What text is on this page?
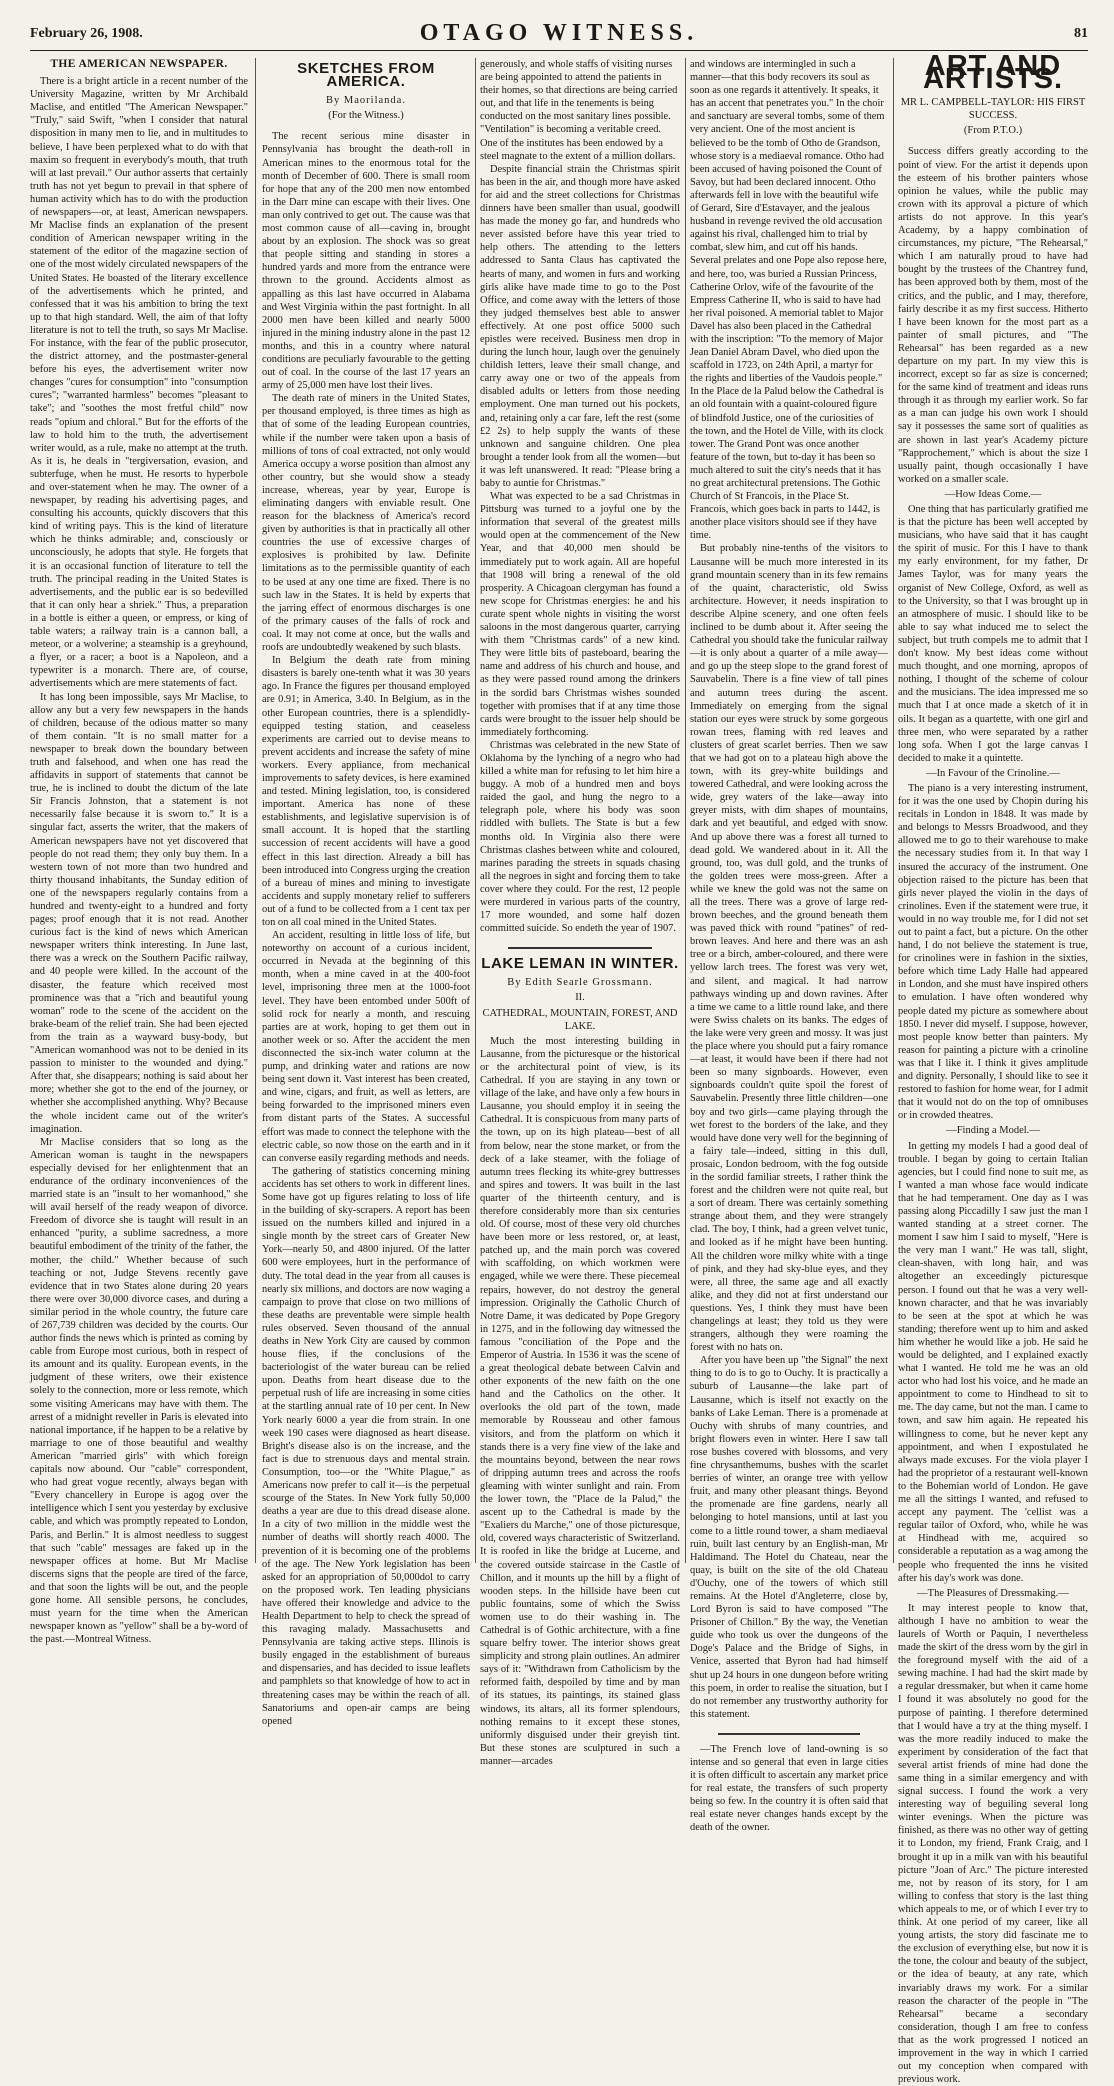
February 26, 1908.	OTAGO WITNESS.	81
THE AMERICAN NEWSPAPER.

There is a bright article in a recent number of the University Magazine, written by Mr Archibald Maclise, and entitled "The American Newspaper." "Truly," said Swift, "when I consider that natural disposition in many men to lie, and in multitudes to believe, I have been perplexed what to do with that maxim so frequent in everybody's mouth, that truth will at last prevail." Our author asserts that certainly truth has not yet begun to prevail in that sphere of human activity which has to do with the production of newspapers—or, at least, American newspapers. Mr Maclise finds an explanation of the present condition of American newspaper writing in the statement of the editor of the magazine section of one of the most widely circulated newspapers of the United States. He boasted of the literary excellence of the advertisements which he printed, and confessed that it was his ambition to bring the text up to that high standard. Well, the aim of that lofty literature is not to tell the truth, so says Mr Maclise. For instance, with the fear of the public prosecutor, the district attorney, and the postmaster-general before his eyes, the advertisement writer now changes "cures for consumption" into "consumption cures"; "warranted harmless" becomes "pleasant to take"; and "soothes the most fretful child" now reads "opium and chloral." But for the efforts of the law to hold him to the truth, the advertisement writer would, as a rule, make no attempt at the truth. As it is, he deals in "tergiversation, evasion, and subterfuge, when he must. He resorts to hyperbole and over-statement when he may. The owner of a newspaper, by reading his advertising pages, and consulting his accounts, quickly discovers that this kind of writing pays. This is the kind of literature which he thinks admirable; and, consciously or unconsciously, he adopts that style. He forgets that it is an occasional function of literature to tell the truth. The principal reading in the United States is advertisements, and the public ear is so bedevilled that it can only hear a shriek." Thus, a preparation in a bottle is either a queen, or empress, or king of table waters; a railway train is a cannon ball, a meteor, or a wolverine; a steamship is a greyhound, a flyer, or a racer; a boot is a Napoleon, and a typewriter is a monarch. There are, of course, advertisements which are mere statements of fact.

It has long been impossible, says Mr Maclise, to allow any but a very few newspapers in the hands of children, because of the odious matter so many of them contain. "It is no small matter for a newspaper to break down the boundary between truth and falsehood, and when one has read the affidavits in support of statements that cannot be true, he is inclined to doubt the dictum of the late Sir Francis Johnston, that a statement is not necessarily false because it is sworn to." It is a singular fact, asserts the writer, that the makers of American newspapers have not yet discovered that people do not read them; they only buy them. In a western town of not more than two hundred and thirty thousand inhabitants, the Sunday edition of one of the newspapers regularly contains from a hundred and twenty-eight to a hundred and forty pages; proof enough that it is not read. Another curious fact is the kind of news which American newspaper writers think interesting. In June last, there was a wreck on the Southern Pacific railway, and 40 people were killed. In the account of the disaster, the feature which received most prominence was that a "rich and beautiful young woman" rode to the scene of the accident on the brake-beam of the relief train. She had been ejected from the train as a wayward busy-body, but "American womanhood was not to be denied in its passion to minister to the wounded and dying." After that, she disappears; nothing is said about her more; whether she got to the end of the journey, or whether she accomplished anything. Why? Because the whole incident came out of the writer's imagination.

Mr Maclise considers that so long as the American woman is taught in the newspapers especially devised for her enlightenment that an endurance of the ordinary inconveniences of the married state is an "insult to her womanhood," she will avail herself of the ready weapon of divorce. Freedom of divorce she is taught will result in an enhanced "purity, a sublime sacredness, a more beautiful embodiment of the trinity of the father, the mother, the child." Whether because of such teaching or not, Judge Stevens recently gave evidence that in two States alone during 20 years there were over 30,000 divorce cases, and during a similar period in the whole country, the future care of 267,739 children was decided by the courts. Our author finds the news which is printed as coming by cable from Europe most curious, both in respect of its amount and its quality. European events, in the judgment of these writers, owe their existence solely to the connection, more or less remote, which some visiting Americans may have with them. The arrest of a midnight reveller in Paris is elevated into national importance, if he happen to be a relative by marriage to one of those beautiful and wealthy American "married girls" with which foreign capitals now abound. Our "cable" correspondent, who had great vogue recently, always began with "Every chancellery in Europe is agog over the intelligence which I sent you yesterday by exclusive cable, and which was promptly repeated to London, Paris, and Berlin." It is almost needless to suggest that such "cable" messages are faked up in the newspaper offices at home. But Mr Maclise discerns signs that the people are tired of the farce, and that soon the lights will be out, and the people gone home. All sensible persons, he concludes, must yearn for the time when the American newspaper known as "yellow" shall be a by-word of the past.—Montreal Witness.

SKETCHES FROM AMERICA.
By Maorilanda.
(For the Witness.)

The recent serious mine disaster in Pennsylvania has brought the death-roll in American mines to the enormous total for the month of December of 600. There is small room for hope that any of the 200 men now entombed in the Darr mine can escape with their lives. One man only contrived to get out. The cause was that most common cause of all—caving in, brought about by an explosion. The shock was so great that people sitting and standing in stores a hundred yards and more from the entrance were thrown to the ground. Accidents almost as appalling as this last have occurred in Alabama and West Virginia within the past fortnight. In all 2000 men have been killed and nearly 5000 injured in the mining industry alone in the past 12 months, and this in a country where natural conditions are peculiarly favourable to the getting out of coal. In the course of the last 17 years an army of 25,000 men have lost their lives.

The death rate of miners in the United States, per thousand employed, is three times as high as that of some of the leading European countries, while if the number were taken upon a basis of millions of tons of coal extracted, not only would America occupy a worse position than almost any other country, but she would show a steady increase, whereas, year by year, Europe is eliminating dangers with enviable result. One reason for the blackness of America's record given by authorities is that in practically all other countries the use of excessive charges of explosives is prohibited by law. Definite limitations as to the permissible quantity of each to be used at any one time are fixed. There is no such law in the States. It is held by experts that the jarring effect of enormous discharges is one of the primary causes of the falls of rock and coal. It may not come at once, but the walls and roofs are undoubtedly weakened by such blasts.

In Belgium the death rate from mining disasters is barely one-tenth what it was 30 years ago. In France the figures per thousand employed are 0.91; in America, 3.40. In Belgium, as in the other European countries, there is a splendidly-equipped testing station, and ceaseless experiments are carried out to devise means to prevent accidents and increase the safety of mine workers. Every appliance, from mechanical improvements to safety devices, is here examined and tested. Mining legislation, too, is considered important. America has none of these establishments, and legislative supervision is of small account. It is hoped that the startling succession of recent accidents will have a good effect in this last direction. Already a bill has been introduced into Congress urging the creation of a bureau of mines and mining to investigate accidents and supply monetary relief to sufferers out of a fund to be collected from a 1 cent tax per ton on all coal mined in the United States.

An accident, resulting in little loss of life, but noteworthy on account of a curious incident, occurred in Nevada at the beginning of this month, when a mine caved in at the 400-foot level, imprisoning three men at the 1000-foot level. They have been entombed under 500ft of solid rock for nearly a month, and rescuing parties are at work, hoping to get them out in another week or so. After the accident the men disconnected the six-inch water column at the pump, and drinking water and rations are now being sent down it. Vast interest has been created, and wine, cigars, and fruit, as well as letters, are being forwarded to the imprisoned miners even from distant parts of the States. A successful effort was made to connect the telephone with the electric cable, so now those on the earth and in it can converse easily regarding methods and needs.

The gathering of statistics concerning mining accidents has set others to work in different lines. Some have got up figures relating to loss of life in the building of sky-scrapers. A report has been issued on the numbers killed and injured in a single month by the street cars of Greater New York—nearly 50, and 4800 injured. Of the latter 600 were employees, hurt in the performance of duty. The total dead in the year from all causes is nearly six millions, and doctors are now waging a campaign to prove that close on two millions of these deaths are preventable were simple health rules observed. Seven thousand of the annual deaths in New York City are caused by common house flies, if the conclusions of the bacteriologist of the water bureau can be relied upon. Deaths from heart disease due to the perpetual rush of life are increasing in some cities at the startling annual rate of 10 per cent. In New York nearly 6000 a year die from strain. In one week 190 cases were diagnosed as heart disease. Bright's disease also is on the increase, and the fact is due to strenuous days and mental strain. Consumption, too—or the "White Plague," as Americans now prefer to call it—is the perpetual scourge of the States. In New York fully 50,000 deaths a year are due to this dread disease alone. In a city of two million in the middle west the number of deaths will shortly reach 4000. The prevention of it is becoming one of the problems of the age. The New York legislation has been asked for an appropriation of 50,000dol to carry on the proposed work. Ten leading physicians have offered their knowledge and advice to the Health Department to help to check the spread of this ravaging malady. Massachusetts and Pennsylvania are taking active steps. Illinois is busily engaged in the establishment of bureaus and dispensaries, and has decided to issue leaflets and pamphlets so that knowledge of how to act in threatening cases may be within the reach of all. Sanatoriums and open-air camps are being opened

generously, and whole staffs of visiting nurses are being appointed to attend the patients in their homes, so that directions are being carried out, and that life in the tenements is being conducted on the most sanitary lines possible. "Ventilation" is becoming a veritable creed. One of the institutes has been endowed by a steel magnate to the extent of a million dollars.

Despite financial strain the Christmas spirit has been in the air, and though more have asked for aid and the street collections for Christmas dinners have been smaller than usual, goodwill has made the money go far, and hundreds who never assisted before have this year tried to help others. The attending to the letters addressed to Santa Claus has captivated the hearts of many, and women in furs and working girls alike have made time to go to the Post Office, and come away with the letters of those they judged themselves best able to answer effectively. At one post office 5000 such epistles were received. Business men drop in during the lunch hour, laugh over the genuinely childish letters, leave their small change, and carry away one or two of the appeals from disabled adults or letters from those needing employment. One man turned out his pockets, and, retaining only a car fare, left the rest (some £2 2s) to help supply the wants of these unknown and sanguine children. One plea brought a tender look from all the women—but it was left unanswered. It read: "Please bring a baby to auntie for Christmas."

What was expected to be a sad Christmas in Pittsburg was turned to a joyful one by the information that several of the greatest mills would open at the commencement of the New Year, and that 40,000 men should be immediately put to work again. All are hopeful that 1908 will bring a renewal of the old prosperity. A Chicagoan clergyman has found a new scope for Christmas energies: he and his curate spent whole nights in visiting the worst saloons in the most dangerous quarter, carrying with them "Christmas cards" of a new kind. They were little bits of pasteboard, bearing the name and address of his church and house, and as they were passed round among the drinkers in the sordid bars Christmas wishes sounded together with promises that if at any time those cards were brought to the issuer help should be immediately forthcoming.

Christmas was celebrated in the new State of Oklahoma by the lynching of a negro who had killed a white man for refusing to let him hire a buggy. A mob of a hundred men and boys raided the gaol, and hung the negro to a telegraph pole, where his body was soon riddled with bullets. The State is but a few months old. In Virginia also there were Christmas clashes between white and coloured, marines parading the streets in squads chasing all the negroes in sight and forcing them to take cover where they could. For the rest, 12 people were murdered in various parts of the country, 17 more wounded, and some half dozen committed suicide. So endeth the year of 1907.

LAKE LEMAN IN WINTER.
By Edith Searle Grossmann.
II.
CATHEDRAL, MOUNTAIN, FOREST, AND LAKE.

Much the most interesting building in Lausanne, from the picturesque or the historical or the architectural point of view, is its Cathedral. If you are staying in any town or village of the lake, and have only a few hours in Lausanne, you should employ it in seeing the Cathedral. It is conspicuous from many parts of the town, up on its high plateau—best of all from below, near the stone market, or from the deck of a lake steamer, with the foliage of autumn trees flecking its white-grey buttresses and spires and towers. It was built in the last quarter of the thirteenth century, and is therefore considerably more than six centuries old. Of course, most of these very old churches have been more or less restored, or, at least, patched up, and the main porch was covered with scaffolding, on which workmen were engaged, while we were there. These piecemeal repairs, however, do not destroy the general impression. Originally the Catholic Church of Notre Dame, it was dedicated by Pope Gregory in 1275, and in the following day witnessed the famous "conciliation of the Pope and the Emperor of Austria. In 1536 it was the scene of a great theological debate between Calvin and other exponents of the new faith on the one hand and the Catholics on the other. It overlooks the old part of the town, made memorable by Rousseau and other famous visitors, and from the platform on which it stands there is a very fine view of the lake and the mountains beyond, between the near rows of dripping autumn trees and across the roofs gleaming with winter sunlight and rain. From the lower town, the "Place de la Palud," the ascent up to the Cathedral is made by the "Exaliers du Marche," one of those picturesque, old, covered ways characteristic of Switzerland. It is roofed in like the bridge at Lucerne, and the covered outside staircase in the Castle of Chillon, and it mounts up the hill by a flight of wooden steps. In the hillside have been cut public fountains, some of which the Swiss women use to do their washing in. The Cathedral is of Gothic architecture, with a fine square belfry tower. The interior shows great simplicity and strong plain outlines. An admirer says of it: "Withdrawn from Catholicism by the reformed faith, despoiled by time and by man of its statues, its paintings, its stained glass windows, its altars, all its former splendours, nothing remains to it except these stones, uniformly disguised under their greyish tint. But these stones are sculptured in such a manner—arcades

and windows are intermingled in such a manner—that this body recovers its soul as soon as one regards it attentively. It speaks, it has an accent that penetrates you." In the choir and sanctuary are several tombs, some of them very ancient. One of the most ancient is believed to be the tomb of Otho de Grandson, whose story is a mediaeval romance. Otho had been accused of having poisoned the Count of Savoy, but had been declared innocent. Otho afterwards fell in love with the beautiful wife of Gerard, Sire d'Estavayer, and the jealous husband in revenge revived the old accusation against his rival, challenged him to trial by combat, slew him, and cut off his hands. Several prelates and one Pope also repose here, and here, too, was buried a Russian Princess, Catherine Orlov, wife of the favourite of the Empress Catherine II, who is said to have had her rival poisoned. A memorial tablet to Major Davel has also been placed in the Cathedral with the inscription: "To the memory of Major Jean Daniel Abram Davel, who died upon the scaffold in 1723, on 24th April, a martyr for the rights and liberties of the Vaudois people." In the Place de la Palud below the Cathedral is an old fountain with a quaint-coloured figure of blindfold Justice, one of the curiosities of the town, and the Hotel de Ville, with its clock tower. The Grand Pont was once another feature of the town, but to-day it has been so much altered to suit the city's needs that it has no great architectural pretensions. The Gothic Church of St Francois, in the Place St. Francois, which goes back in parts to 1442, is another place visitors should see if they have time.

But probably nine-tenths of the visitors to Lausanne will be much more interested in its grand mountain scenery than in its few remains of the quaint, characteristic, old Swiss architecture. However, it needs inspiration to describe Alpine scenery, and one often feels inclined to be dumb about it. After seeing the Cathedral you should take the funicular railway—it is only about a quarter of a mile away—and go up the steep slope to the grand forest of Sauvabelin. There is a fine view of tall pines and autumn trees during the ascent. Immediately on emerging from the signal station our eyes were struck by some gorgeous rowan trees, flaming with red leaves and clusters of great scarlet berries. Then we saw that we had got on to a plateau high above the town, with its grey-white buildings and towered Cathedral, and were looking across the wide, grey waters of the lake—away into greyer mists, with dim shapes of mountains, dark and yet beautiful, and edged with snow. And up above there was a forest all turned to dead gold. We wandered about in it. All the ground, too, was dull gold, and the trunks of the golden trees were moss-green. After a while we knew the gold was not the same on all the trees. There was a grove of large red-brown beeches, and the ground beneath them was paved thick with round "patines" of red-brown leaves. And here and there was an ash tree or a birch, amber-coloured, and there were yellow larch trees. The forest was very wet, and silent, and magical. It had narrow pathways winding up and down ravines. After a time we came to a little round lake, and there were Swiss chalets on its banks. The edges of the lake were very green and mossy. It was just the place where you should put a fairy romance—at least, it would have been if there had not been so many signboards. However, even signboards couldn't quite spoil the forest of Sauvabelin. Presently three little children—one boy and two girls—came playing through the wet forest to the borders of the lake, and they would have done very well for the beginning of a fairy tale—indeed, sitting in this dull, prosaic, London bedroom, with the fog outside in the sordid familiar streets, I rather think the forest and the children were not quite real, but a sort of dream. There was certainly something strange about them, and they were strangely clad. The boy, I think, had a green velvet tunic, and looked as if he might have been hunting. All the children wore milky white with a tinge of pink, and they had sky-blue eyes, and they were, all three, the same age and all exactly alike, and they did not at first understand our questions. Yes, I think they must have been changelings at least; they told us they were strangers, although they were roaming the forest with no hats on.

After you have been up "the Signal" the next thing to do is to go to Ouchy. It is practically a suburb of Lausanne—the lake part of Lausanne, which is itself not exactly on the banks of Lake Leman. There is a promenade at Ouchy with shrubs of many countries, and bright flowers even in winter. Here I saw tall rose bushes covered with blossoms, and very fine chrysanthemums, bushes with the scarlet berries of winter, an orange tree with yellow fruit, and many other pleasant things. Beyond the promenade are fine gardens, nearly all belonging to hotel mansions, until at last you come to a little round tower, a sham mediaeval ruin, built last century by an English-man, Mr Haldimand. The Hotel du Chateau, near the quay, is built on the site of the old Chateau d'Ouchy, one of the towers of which still remains. At the Hotel d'Angleterre, close by, Lord Byron is said to have composed "The Prisoner of Chillon." By the way, the Venetian guide who took us over the dungeons of the Doge's Palace and the Bridge of Sighs, in Venice, asserted that Byron had had himself shut up 24 hours in one dungeon before writing this poem, in order to realise the situation, but I do not remember any trustworthy authority for this statement.

—The French love of land-owning is so intense and so general that even in large cities it is often difficult to ascertain any market price for real estate, the transfers of such property being so few. In the country it is often said that real estate never changes hands except by the death of the owner.

ART AND ARTISTS.
MR L. CAMPBELL-TAYLOR: HIS FIRST SUCCESS.
(From P.T.O.)

Success differs greatly according to the point of view. For the artist it depends upon the esteem of his brother painters whose opinion he values, while the public may crown with its approval a picture of which artists do not approve. In this year's Academy, by a happy combination of circumstances, my picture, "The Rehearsal," which I am naturally proud to have had bought by the trustees of the Chantrey fund, has been approved both by them, most of the critics, and the public, and I may, therefore, fairly describe it as my first success. Hitherto I have been known for the most part as a painter of small pictures, and "The Rehearsal" has been regarded as a new departure on my part. In my view this is incorrect, except so far as size is concerned; for the same kind of treatment and ideas runs through it as through my earlier work. So far as a man can judge his own work I should say it possesses the same sort of qualities as are shown in last year's Academy picture "Rapprochement," which is about the size I usually paint, though occasionally I have worked on a smaller scale.

—How Ideas Come.—

One thing that has particularly gratified me is that the picture has been well accepted by musicians, who have said that it has caught the spirit of music. For this I have to thank my early environment, for my father, Dr James Taylor, was for many years the organist of New College, Oxford, as well as to the University, so that I was brought up in an atmosphere of music. I should like to be able to say what induced me to select the subject, but truth compels me to admit that I don't know. My best ideas come without much thought, and one morning, apropos of nothing, I thought of the scheme of colour and the musicians. The idea impressed me so much that I at once made a sketch of it in oils. It began as a quartette, with one girl and three men, who were separated by a rather long sofa. When I got the large canvas I decided to make it a quintette.

—In Favour of the Crinoline.—

The piano is a very interesting instrument, for it was the one used by Chopin during his recitals in London in 1848. It was made by and belongs to Messrs Broadwood, and they allowed me to go to their warehouse to make the necessary studies from it. In that way I insured the accuracy of the instrument. One objection raised to the picture has been that girls never played the violin in the days of crinolines. Even if the statement were true, it would in no way trouble me, for I did not set out to paint a fact, but a picture. On the other hand, I do not believe the statement is true, for crinolines were in fashion in the sixties, before which time Lady Halle had appeared in London, and she must have inspired others to emulation. I have often wondered why people dated my picture as somewhere about 1850. I never did myself. I suppose, however, most people know better than painters. My reason for painting a picture with a crinoline was that I like it. I think it gives amplitude and dignity. Personally, I should like to see it restored to fashion for home wear, for I admit that it would not do on the top of omnibuses or in crowded theatres.

—Finding a Model.—

In getting my models I had a good deal of trouble. I began by going to certain Italian agencies, but I could find none to suit me, as I wanted a man whose face would indicate that he had temperament. One day as I was passing along Piccadilly I saw just the man I wanted standing at a street corner. The moment I saw him I said to myself, "Here is the very man I want." He was tall, slight, clean-shaven, with long hair, and was altogether an exceedingly picturesque person. I found out that he was a very well-known character, and that he was invariably to be seen at the spot at which he was standing; therefore went up to him and asked him whether he would like a job. He said he would be delighted, and I explained exactly what I wanted. He told me he was an old actor who had lost his voice, and he made an appointment to come to Hindhead to sit to me. The day came, but not the man. I came to town, and saw him again. He repeated his willingness to come, but he never kept any appointment, and when I expostulated he always made excuses. For the viola player I had the proprietor of a restaurant well-known to the Bohemian world of London. He gave me all the sittings I wanted, and refused to accept any payment. The 'cellist was a regular tailor of Oxford, who, while he was at Hindhead with me, acquired so considerable a reputation as a wag among the people who frequented the inns he visited after his day's work was done.

—The Pleasures of Dressmaking.—

It may interest people to know that, although I have no ambition to wear the laurels of Worth or Paquin, I nevertheless made the skirt of the dress worn by the girl in the foreground myself with the aid of a sewing machine. I had had the skirt made by a regular dressmaker, but when it came home I found it was absolutely no good for the purpose of painting. I therefore determined that I would have a try at the thing myself. I was the more readily induced to make the experiment by consideration of the fact that several artist friends of mine had done the same thing in a similar emergency and with signal success. I found the work a very interesting way of beguiling several long winter evenings. When the picture was finished, as there was no other way of getting it to London, my friend, Frank Craig, and I brought it up in a milk van with his beautiful picture "Joan of Arc." The picture interested me, not by reason of its story, for I am willing to confess that story is the last thing which appeals to me, or of which I ever try to think. At one period of my career, like all young artists, the story did fascinate me to the exclusion of everything else, but now it is the tone, the colour and beauty of the subject, or the idea of beauty, at any rate, which invariably draws my work. For a similar reason the character of the people in "The Rehearsal" became a secondary consideration, though I am free to confess that as the work progressed I noticed an improvement in the way in which I carried out my conception when compared with previous work.
